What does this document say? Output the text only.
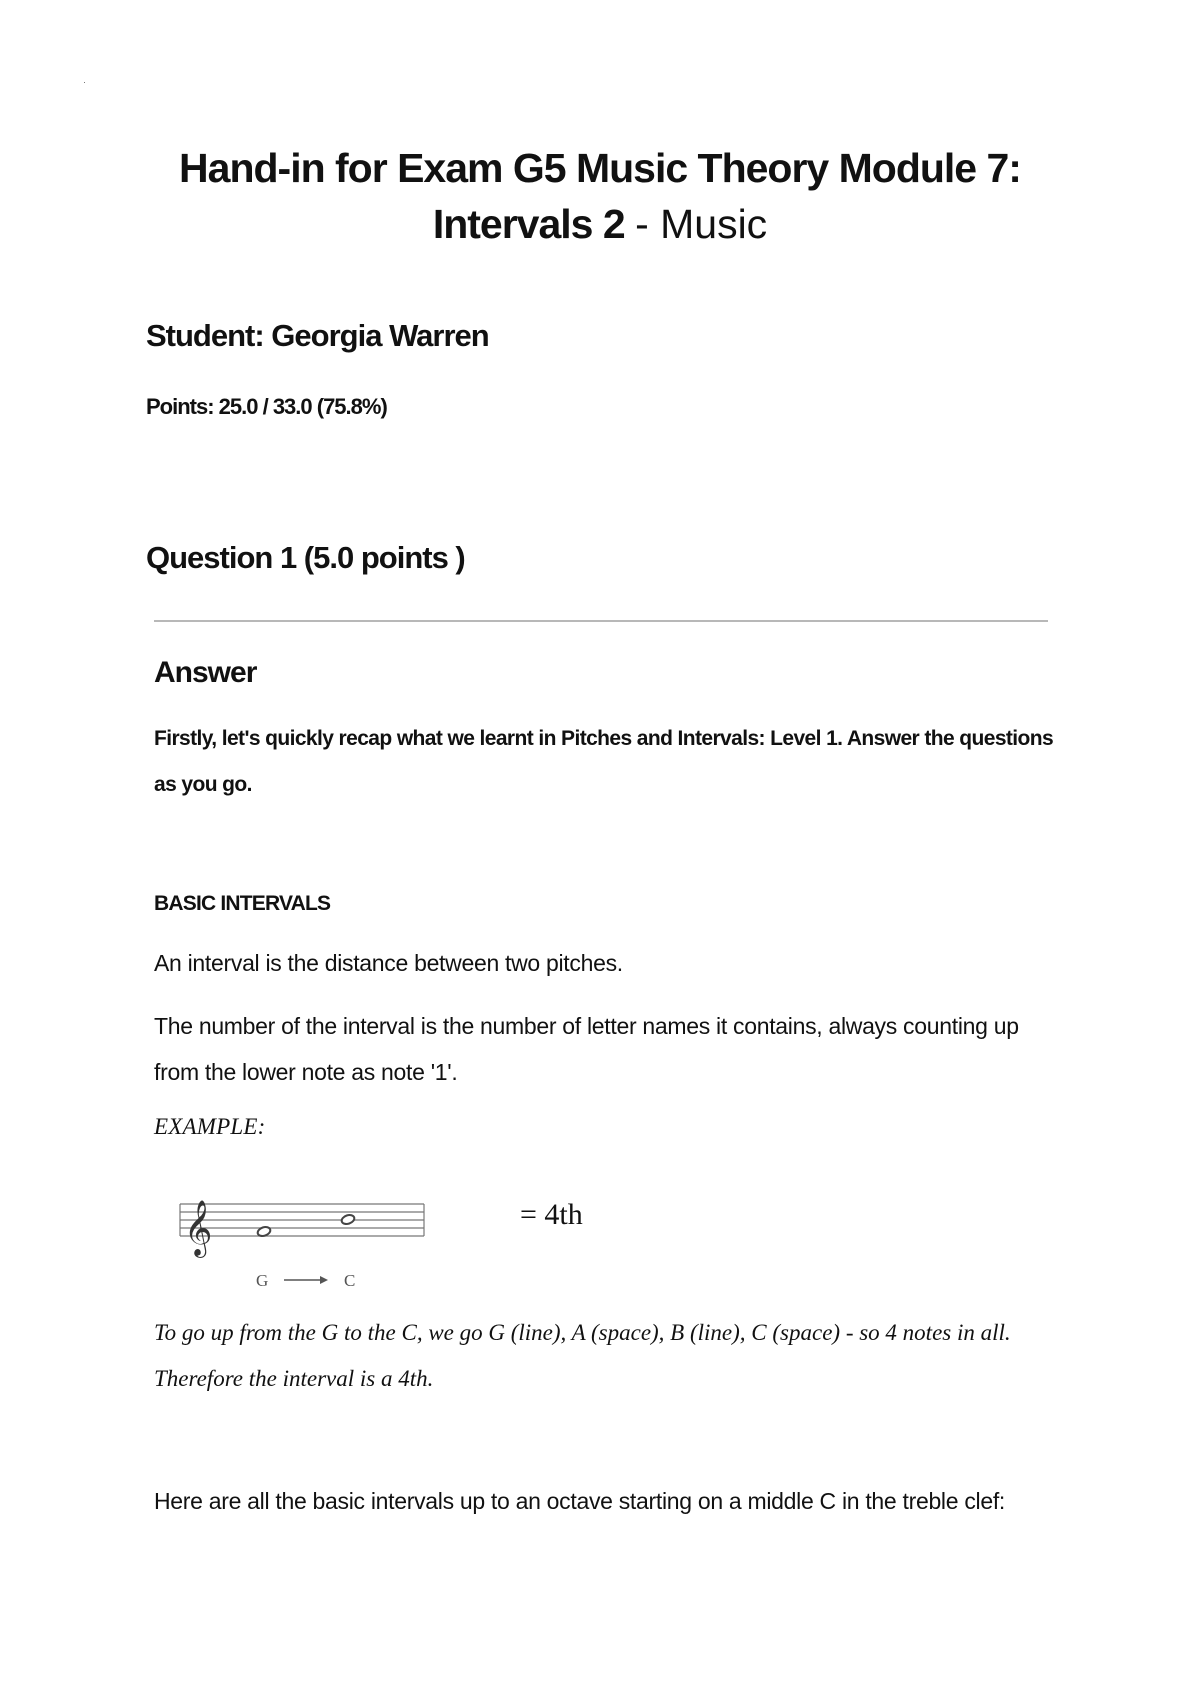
Hand-in for Exam G5 Music Theory Module 7: Intervals 2 - Music
Student: Georgia Warren
Points: 25.0 / 33.0 (75.8%)
Question 1 (5.0 points )
Answer
Firstly, let's quickly recap what we learnt in Pitches and Intervals: Level 1. Answer the questions as you go.
BASIC INTERVALS
An interval is the distance between two pitches.
The number of the interval is the number of letter names it contains, always counting up from the lower note as note '1'.
EXAMPLE:
𝄞
G	C
= 4th
To go up from the G to the C, we go G (line), A (space), B (line), C (space) - so 4 notes in all. Therefore the interval is a 4th.
Here are all the basic intervals up to an octave starting on a middle C in the treble clef:
